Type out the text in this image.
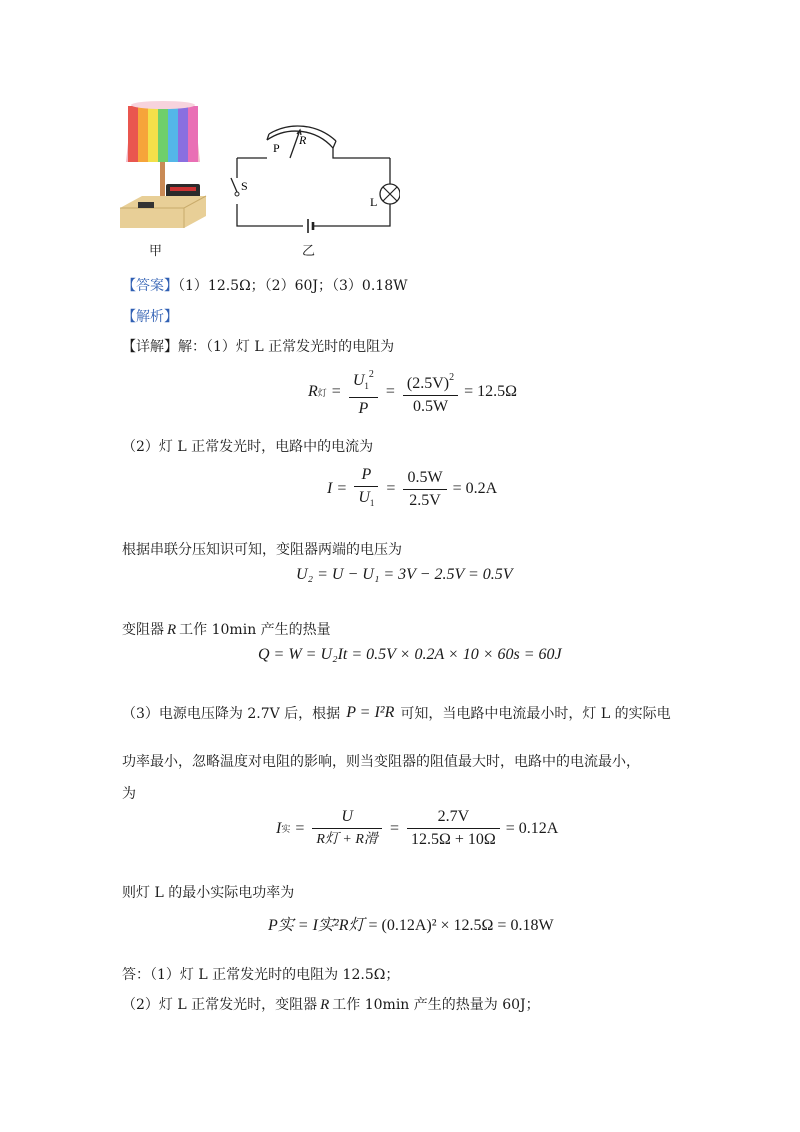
甲
P
R
S
L
乙
【答案】（1）12.5Ω；（2）60J；（3）0.18W
【解析】
【详解】解：（1）灯 L 正常发光时的电阻为
R 灯 = $\frac{U_1^2}{P} = \frac{(2.5V)^2}{0.5W} = 12.5\Omega$
（2）灯 L 正常发光时，电路中的电流为
$I = \frac{P}{U_1} = \frac{0.5W}{2.5V} = 0.2A$
根据串联分压知识可知，变阻器两端的电压为
U₂ = U − U₁ = 3V − 2.5V = 0.5V
变阻器 R 工作 10min 产生的热量
Q = W = U₂It = 0.5V × 0.2A × 10 × 60s = 60J
（3）电源电压降为 2.7V 后，根据 P = I²R 可知，当电路中电流最小时，灯 L 的实际电
功率最小，忽略温度对电阻的影响，则当变阻器的阻值最大时，电路中的电流最小，
为
I 实 = $\frac{U}{\text{R灯 + R滑}} = \frac{2.7V}{12.5\Omega + 10\Omega} = 0.12A$
则灯 L 的最小实际电功率为
P实 = I实²R灯 = (0.12A)² × 12.5Ω = 0.18W
答：（1）灯 L 正常发光时的电阻为 12.5Ω；
（2）灯 L 正常发光时，变阻器 R 工作 10min 产生的热量为 60J；
